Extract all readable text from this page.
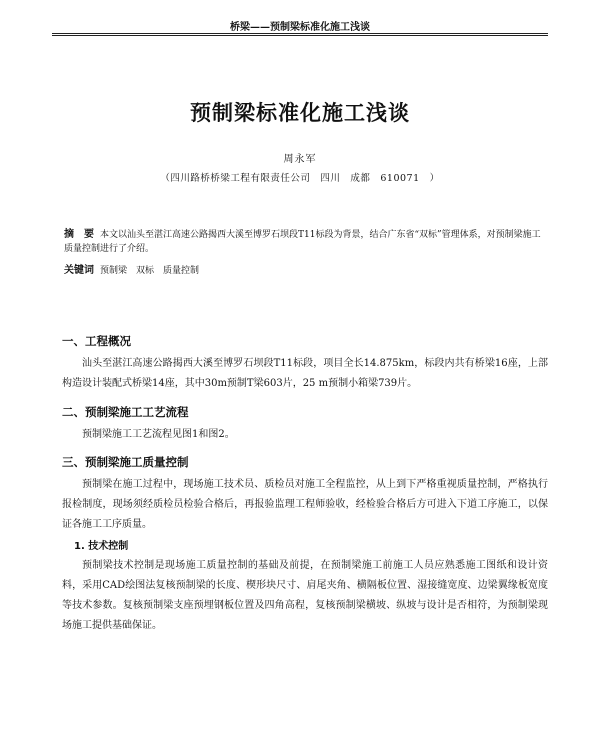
桥梁——预制梁标准化施工浅谈
预制梁标准化施工浅谈
周永军
（四川路桥桥梁工程有限责任公司　四川　成都　610071　）
摘　要 本文以汕头至湛江高速公路揭西大溪至博罗石坝段T11标段为背景，结合广东省“双标”管理体系，对预制梁施工质量控制进行了介绍。
关键词 预制梁　双标　质量控制
一、工程概况
汕头至湛江高速公路揭西大溪至博罗石坝段T11标段，项目全长14.875km，标段内共有桥梁16座，上部构造设计装配式桥梁14座，其中30m预制T梁603片，25 m预制小箱梁739片。
二、预制梁施工工艺流程
预制梁施工工艺流程见图1和图2。
三、预制梁施工质量控制
预制梁在施工过程中，现场施工技术员、质检员对施工全程监控，从上到下严格重视质量控制，严格执行报检制度，现场须经质检员检验合格后，再报验监理工程师验收，经检验合格后方可进入下道工序施工，以保证各施工工序质量。
1. 技术控制
预制梁技术控制是现场施工质量控制的基础及前提，在预制梁施工前施工人员应熟悉施工图纸和设计资料，采用CAD绘图法复核预制梁的长度、楔形块尺寸、肩尾夹角、横隔板位置、湿接缝宽度、边梁翼缘板宽度等技术参数。复核预制梁支座预埋钢板位置及四角高程，复核预制梁横坡、纵坡与设计是否相符，为预制梁现场施工提供基础保证。
